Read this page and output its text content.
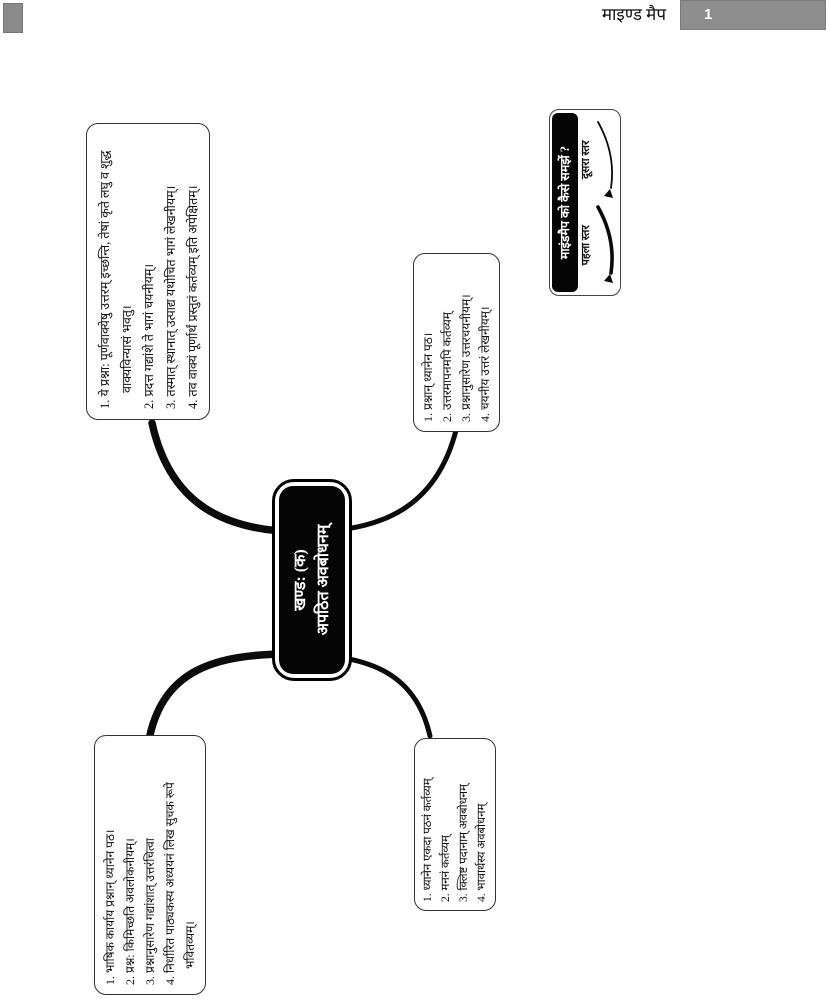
माइण्ड मैप	1
1. भाषिक कार्याय प्रश्नान् ध्यानेन पठ। 2. प्रश्न: किमिच्छति अवलोकनीयम्। 3. प्रश्नानुसारेण गद्यांशात् उत्तरंचित्वा 4. निर्धारित पाठ्यकस्य अध्ययनं लिख सुचक रूपे भवितव्यम्।
1. ये प्रश्ना: पूर्णवाक्येषु उत्तरम् इच्छन्ति, तेषां कृते लघु व शुद्ध वाक्यविन्यासं भवतु। 2. प्रदत्त गद्यांशे ते भागं चयनीयम्। 3. तस्मात् स्थानात् उत्पाद्य यथोचित भागं लेखनीयम्। 4. तव वाक्यं पूर्णार्थं प्रस्तुतं कर्तव्यम् इति अपेक्षितम्।
1. ध्यानेन एकदा पठनं कर्तव्यम् 2. मननं कर्तव्यम् 3. क्लिष्ट पदानाम् अवबोधनम् 4. भावार्थस्य अवबोधनम्
1. प्रश्नान् ध्यानेन पठ। 2. उत्तरमापनमपि कर्तव्यम् 3. प्रश्नानुसारेण उत्तरचयनीयम्। 4. चयनीय उत्तरं लेखनीयम्।
खण्ड: (क) अपठित अवबोधनम्
माइंडमैप को कैसे समझें ? पहला स्तर
दूसरा स्तर
